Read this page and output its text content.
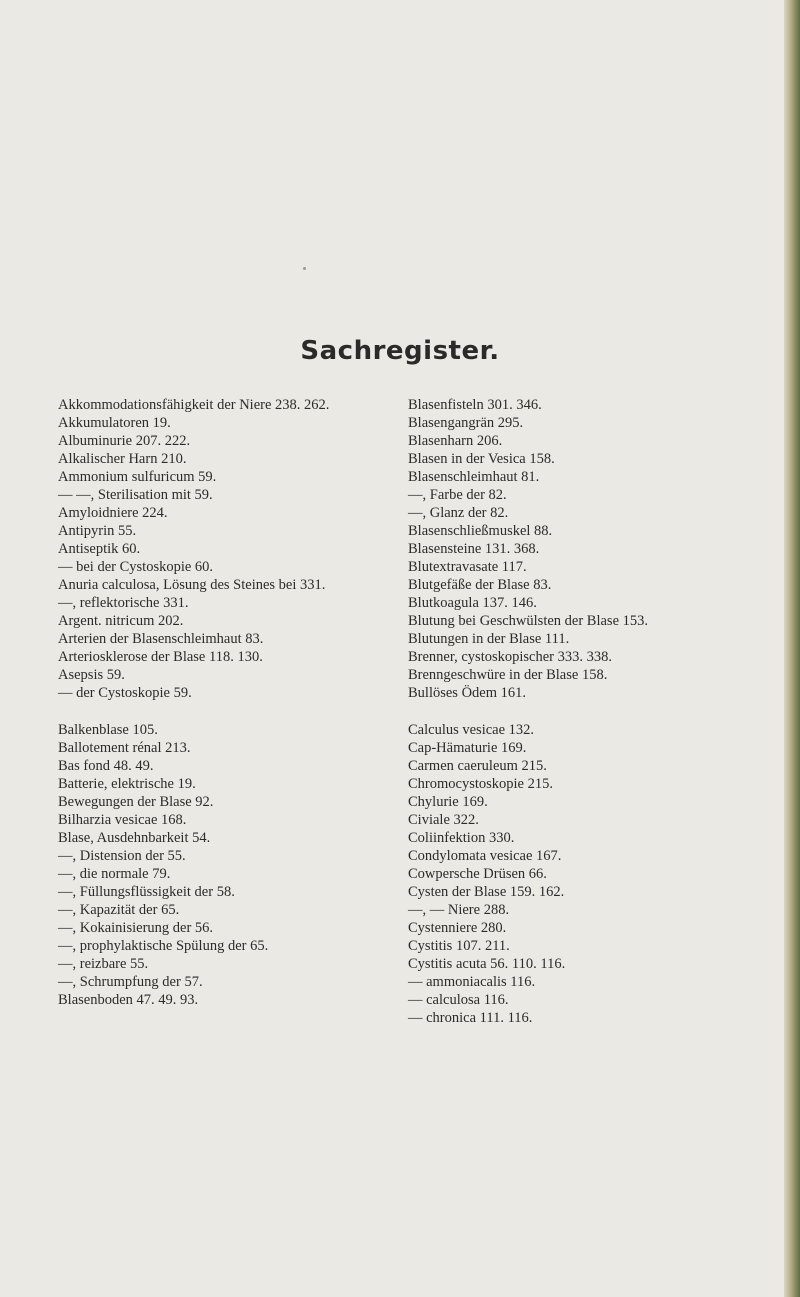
Sachregister.

Akkommodationsfähigkeit der Niere 238. 262.

Akkumulatoren 19.

Albuminurie 207. 222.

Alkalischer Harn 210.

Ammonium sulfuricum 59.

— —, Sterilisation mit 59.

Amyloidniere 224.

Antipyrin 55.

Antiseptik 60.

— bei der Cystoskopie 60.

Anuria calculosa, Lösung des Steines bei 331.

—, reflektorische 331.

Argent. nitricum 202.

Arterien der Blasenschleimhaut 83.

Arteriosklerose der Blase 118. 130.

Asepsis 59.

— der Cystoskopie 59.

Balkenblase 105.

Ballotement rénal 213.

Bas fond 48. 49.

Batterie, elektrische 19.

Bewegungen der Blase 92.

Bilharzia vesicae 168.

Blase, Ausdehnbarkeit 54.

—, Distension der 55.

—, die normale 79.

—, Füllungsflüssigkeit der 58.

—, Kapazität der 65.

—, Kokainisierung der 56.

—, prophylaktische Spülung der 65.

—, reizbare 55.

—, Schrumpfung der 57.

Blasenboden 47. 49. 93.

Blasenfisteln 301. 346.

Blasengangrän 295.

Blasenharn 206.

Blasen in der Vesica 158.

Blasenschleimhaut 81.

—, Farbe der 82.

—, Glanz der 82.

Blasenschließmuskel 88.

Blasensteine 131. 368.

Blutextravasate 117.

Blutgefäße der Blase 83.

Blutkoagula 137. 146.

Blutung bei Geschwülsten der Blase 153.

Blutungen in der Blase 111.

Brenner, cystoskopischer 333. 338.

Brenngeschwüre in der Blase 158.

Bullöses Ödem 161.

Calculus vesicae 132.

Cap-Hämaturie 169.

Carmen caeruleum 215.

Chromocystoskopie 215.

Chylurie 169.

Civiale 322.

Coliinfektion 330.

Condylomata vesicae 167.

Cowpersche Drüsen 66.

Cysten der Blase 159. 162.

—, — Niere 288.

Cystenniere 280.

Cystitis 107. 211.

Cystitis acuta 56. 110. 116.

— ammoniacalis 116.

— calculosa 116.

— chronica 111. 116.
